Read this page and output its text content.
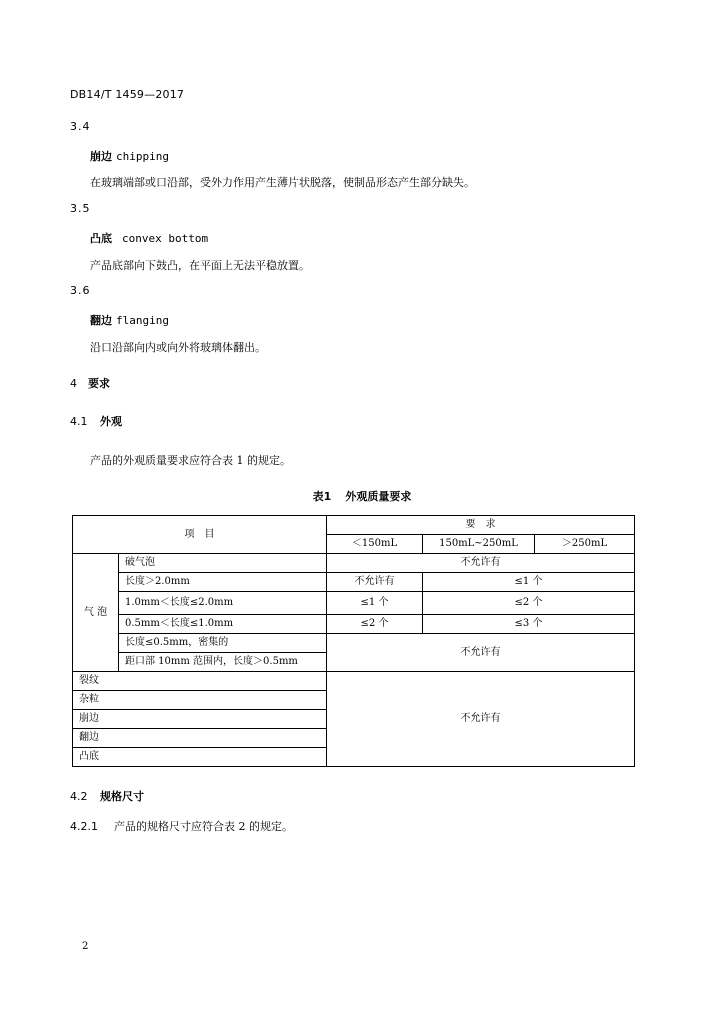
DB14/T 1459—2017
3.4
崩边 chipping
在玻璃端部或口沿部，受外力作用产生薄片状脱落，使制品形态产生部分缺失。
3.5
凸底 convex bottom
产品底部向下鼓凸，在平面上无法平稳放置。
3.6
翻边 flanging
沿口沿部向内或向外将玻璃体翻出。
4 要求
4.1 外观
产品的外观质量要求应符合表 1 的规定。
表1 外观质量要求
项　目		要　求		
		＜150mL	150mL~250mL	＞250mL
气 泡	破气泡	不允许有		
	长度＞2.0mm	不允许有	≤1 个	
	1.0mm＜长度≤2.0mm	≤1 个	≤2 个	
	0.5mm＜长度≤1.0mm	≤2 个	≤3 个	
	长度≤0.5mm，密集的	不允许有		
	距口部 10mm 范围内，长度＞0.5mm			
裂纹		不允许有		
杂粒				
崩边				
翻边				
凸底				
4.2 规格尺寸
4.2.1 产品的规格尺寸应符合表 2 的规定。
2
